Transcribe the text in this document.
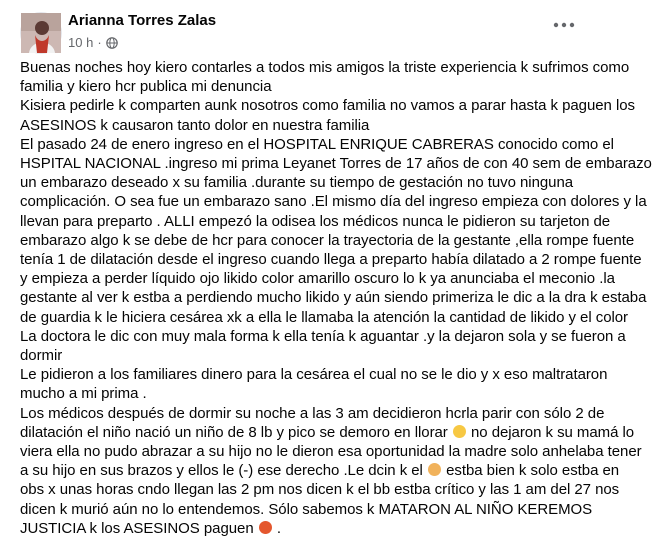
Arianna Torres Zalas
10 h ·
Buenas noches hoy kiero contarles a todos mis amigos la triste experiencia k sufrimos como
familia y kiero hcr publica mi denuncia
Kisiera pedirle k comparten aunk nosotros como familia no vamos a parar hasta k paguen los
ASESINOS k causaron tanto dolor en nuestra familia
El pasado 24 de enero ingreso en el HOSPITAL ENRIQUE CABRERAS conocido como el
HSPITAL NACIONAL .ingreso mi prima Leyanet Torres de 17 años de con 40 sem de embarazo
un embarazo deseado x su familia .durante su tiempo de gestación no tuvo ninguna
complicación. O sea fue un embarazo sano .El mismo día del ingreso empieza con dolores y la
llevan para preparto . ALLI empezó la odisea los médicos nunca le pidieron su tarjeton de
embarazo algo k se debe de hcr para conocer la trayectoria de la gestante ,ella rompe fuente
tenía 1 de dilatación desde el ingreso cuando llega a preparto había dilatado a 2 rompe fuente
y empieza a perder líquido ojo likido color amarillo oscuro lo k ya anunciaba el meconio .la
gestante al ver k estba a perdiendo mucho likido y aún siendo primeriza le dic a la dra k estaba
de guardia k le hiciera cesárea xk a ella le llamaba la atención la cantidad de likido y el color
La doctora le dic con muy mala forma k ella tenía k aguantar .y la dejaron sola y se fueron a
dormir
Le pidieron a los familiares dinero para la cesárea el cual no se le dio y x eso maltrataron
mucho a mi prima .
Los médicos después de dormir su noche a las 3 am decidieron hcrla parir con sólo 2 de
dilatación el niño nació un niño de 8 lb y pico se demoro en llorar  no dejaron k su mamá lo
viera ella no pudo abrazar a su hijo no le dieron esa oportunidad la madre solo anhelaba tener
a su hijo en sus brazos y ellos le (-) ese derecho .Le dcin k el  estba bien k solo estba en
obs x unas horas cndo llegan las 2 pm nos dicen k el bb estba crítico y las 1 am del 27 nos
dicen k murió aún no lo entendemos. Sólo sabemos k MATARON AL NIÑO KEREMOS
JUSTICIA k los ASESINOS paguen  .
